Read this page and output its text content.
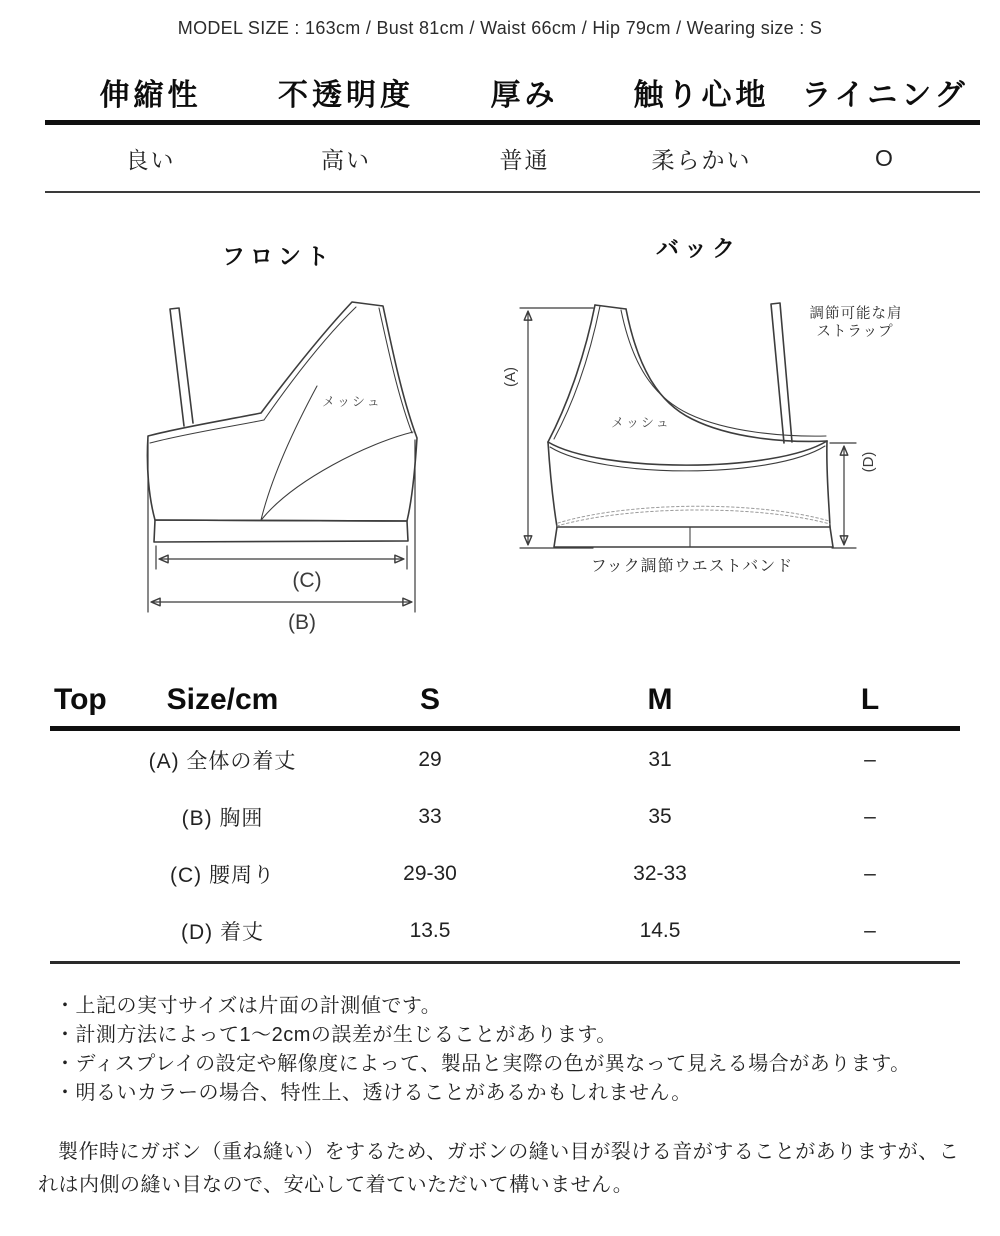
MODEL SIZE : 163cm / Bust 81cm / Waist 66cm / Hip 79cm / Wearing size : S
伸縮性	不透明度	厚み	触り心地	ライニング
良い	高い	普通	柔らかい	O
フロント	バック
メッシュ
(C)
(B)
(A)
メッシュ
調節可能な肩
ストラップ
フック調節ウエストバンド
(D)
Top	Size/cm	S	M	L
(A) 全体の着丈	29	31	–
(B) 胸囲	33	35	–
(C) 腰周り	29-30	32-33	–
(D) 着丈	13.5	14.5	–
・上記の実寸サイズは片面の計測値です。
・計測方法によって1〜2cmの誤差が生じることがあります。
・ディスプレイの設定や解像度によって、製品と実際の色が異なって見える場合があります。
・明るいカラーの場合、特性上、透けることがあるかもしれません。
製作時にガボン（重ね縫い）をするため、ガボンの縫い目が裂ける音がすることがありますが、これは内側の縫い目なので、安心して着ていただいて構いません。
